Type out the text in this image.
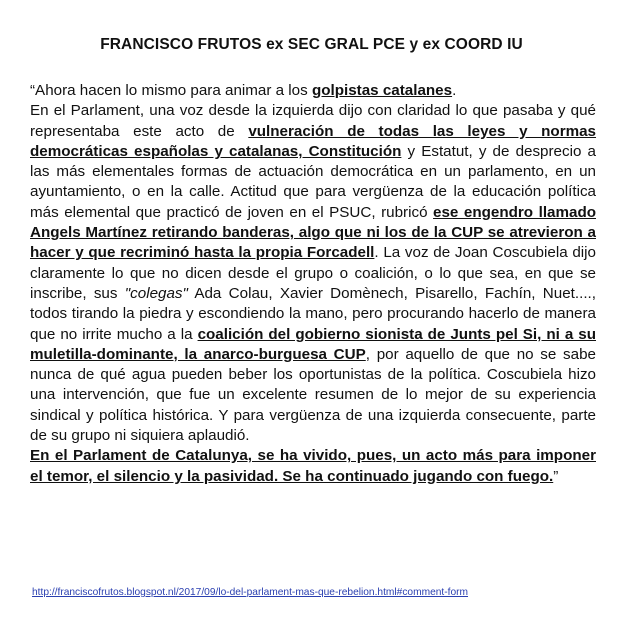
FRANCISCO FRUTOS ex SEC GRAL PCE y ex COORD IU

“Ahora hacen lo mismo para animar a los golpistas catalanes.

En el Parlament, una voz desde la izquierda dijo con claridad lo que pasaba y qué representaba este acto de vulneración de todas las leyes y normas democráticas españolas y catalanas, Constitución y Estatut, y de desprecio a las más elementales formas de actuación democrática en un parlamento, en un ayuntamiento, o en la calle. Actitud que para vergüenza de la educación política más elemental que practicó de joven en el PSUC, rubricó ese engendro llamado Angels Martínez retirando banderas, algo que ni los de la CUP se atrevieron a hacer y que recriminó hasta la propia Forcadell. La voz de Joan Coscubiela dijo claramente lo que no dicen desde el grupo o coalición, o lo que sea, en que se inscribe, sus "colegas" Ada Colau, Xavier Domènech, Pisarello, Fachín, Nuet...., todos tirando la piedra y escondiendo la mano, pero procurando hacerlo de manera que no irrite mucho a la coalición del gobierno sionista de Junts pel Si, ni a su muletilla-dominante, la anarco-burguesa CUP, por aquello de que no se sabe nunca de qué agua pueden beber los oportunistas de la política. Coscubiela hizo una intervención, que fue un excelente resumen de lo mejor de su experiencia sindical y política histórica. Y para vergüenza de una izquierda consecuente, parte de su grupo ni siquiera aplaudió.

En el Parlament de Catalunya, se ha vivido, pues, un acto más para imponer el temor, el silencio y la pasividad. Se ha continuado jugando con fuego.”

http://franciscofrutos.blogspot.nl/2017/09/lo-del-parlament-mas-que-rebelion.html#comment-form
